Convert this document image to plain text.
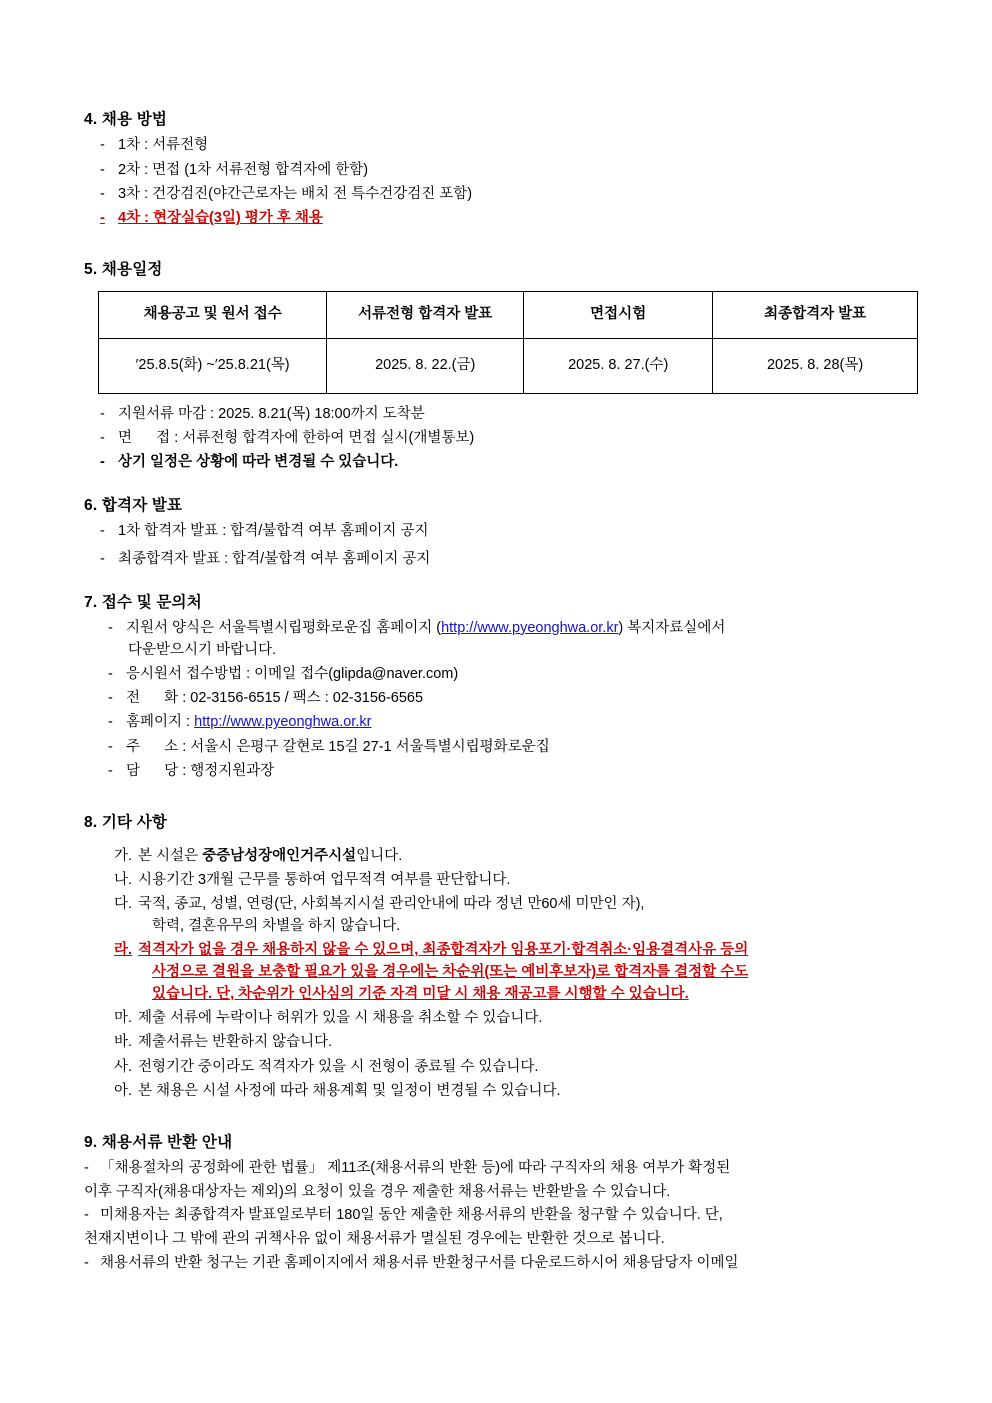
4. 채용 방법
- 1차 : 서류전형
- 2차 : 면접 (1차 서류전형 합격자에 한함)
- 3차 : 건강검진(야간근로자는 배치 전 특수건강검진 포함)
- 4차 : 현장실습(3일) 평가 후 채용
5. 채용일정
채용공고 및 원서 접수	서류전형 합격자 발표	면접시험	최종합격자 발표
′25.8.5(화) ~′25.8.21(목)	2025. 8. 22.(금)	2025. 8. 27.(수)	2025. 8. 28(목)
- 지원서류 마감 : 2025. 8.21(목) 18:00까지 도착분
- 면      접 : 서류전형 합격자에 한하여 면접 실시(개별통보)
- 상기 일정은 상황에 따라 변경될 수 있습니다.
6. 합격자 발표
- 1차 합격자 발표 : 합격/불합격 여부 홈페이지 공지
- 최종합격자 발표 : 합격/불합격 여부 홈페이지 공지
7. 접수 및 문의처
- 지원서 양식은 서울특별시립평화로운집 홈페이지 (http://www.pyeonghwa.or.kr) 복지자료실에서
다운받으시기 바랍니다.
- 응시원서 접수방법 : 이메일 접수(glipda@naver.com)
- 전      화 : 02-3156-6515 / 팩스 : 02-3156-6565
- 홈페이지 : http://www.pyeonghwa.or.kr
- 주      소 : 서울시 은평구 갈현로 15길 27-1 서울특별시립평화로운집
- 담      당 : 행정지원과장
8. 기타 사항
가. 본 시설은 중증남성장애인거주시설입니다.
나. 시용기간 3개월 근무를 통하여 업무적격 여부를 판단합니다.
다. 국적, 종교, 성별, 연령(단, 사회복지시설 관리안내에 따라 정년 만60세 미만인 자),
학력, 결혼유무의 차별을 하지 않습니다.
라. 적격자가 없을 경우 채용하지 않을 수 있으며, 최종합격자가 임용포기·합격취소·임용결격사유 등의
사정으로 결원을 보충할 필요가 있을 경우에는 차순위(또는 예비후보자)로 합격자를 결정할 수도
있습니다. 단, 차순위가 인사심의 기준 자격 미달 시 채용 재공고를 시행할 수 있습니다.
마. 제출 서류에 누락이나 허위가 있을 시 채용을 취소할 수 있습니다.
바. 제출서류는 반환하지 않습니다.
사. 전형기간 중이라도 적격자가 있을 시 전형이 종료될 수 있습니다.
아. 본 채용은 시설 사정에 따라 채용계획 및 일정이 변경될 수 있습니다.
9. 채용서류 반환 안내
- 「채용절차의 공정화에 관한 법률」 제11조(채용서류의 반환 등)에 따라 구직자의 채용 여부가 확정된
이후 구직자(채용대상자는 제외)의 요청이 있을 경우 제출한 채용서류는 반환받을 수 있습니다.
- 미채용자는 최종합격자 발표일로부터 180일 동안 제출한 채용서류의 반환을 청구할 수 있습니다. 단,
천재지변이나 그 밖에 관의 귀책사유 없이 채용서류가 멸실된 경우에는 반환한 것으로 봅니다.
- 채용서류의 반환 청구는 기관 홈페이지에서 채용서류 반환청구서를 다운로드하시어 채용담당자 이메일
